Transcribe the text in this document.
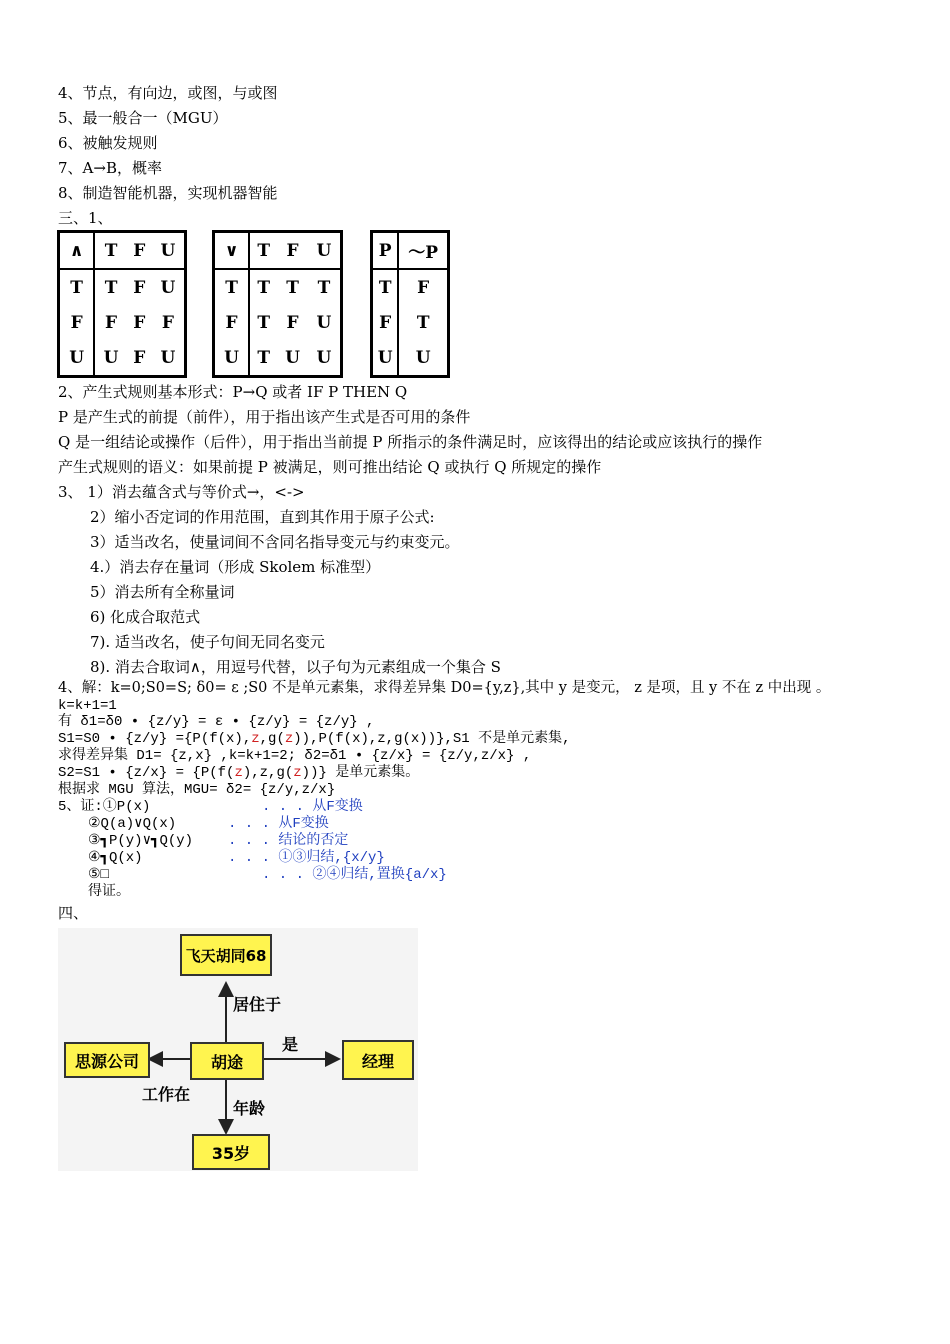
4、节点，有向边，或图，与或图
5、最一般合一（MGU）
6、被触发规则
7、A→B，概率
8、制造智能机器，实现机器智能
三、1、
∧	T	F	U
T	T	F	U
F	F	F	F
U	U	F	U
∨	T	F	U
T	T	T	T
F	T	F	U
U	T	U	U
P	～P
T	F
F	T
U	U
2、产生式规则基本形式：P→Q 或者 IF P THEN Q
P 是产生式的前提（前件），用于指出该产生式是否可用的条件
Q 是一组结论或操作（后件），用于指出当前提 P 所指示的条件满足时，应该得出的结论或应该执行的操作
产生式规则的语义：如果前提 P 被满足，则可推出结论 Q 或执行 Q 所规定的操作
3、 1）消去蕴含式与等价式→，<->
2）缩小否定词的作用范围，直到其作用于原子公式:
3）适当改名，使量词间不含同名指导变元与约束变元。
4.）消去存在量词（形成 Skolem 标准型）
5）消去所有全称量词
6) 化成合取范式
7). 适当改名，使子句间无同名变元
8). 消去合取词∧，用逗号代替，以子句为元素组成一个集合 S
4、解：k=0;S0=S; δ0= ε ;S0 不是单元素集，求得差异集 D0={y,z},其中 y 是变元， z 是项，且 y 不在 z 中出现 。
k=k+1=1
有 δ1=δ0 • {z/y} = ε • {z/y} = {z/y} ,
S1=S0 • {z/y} ={P(f(x),z,g(z)),P(f(x),z,g(x))},S1 不是单元素集,
求得差异集 D1= {z,x} ,k=k+1=2; δ2=δ1 • {z/x} = {z/y,z/x} ,
S2=S1 • {z/x} = {P(f(z),z,g(z))} 是单元素集。
根据求 MGU 算法，MGU= δ2= {z/y,z/x}
5、证:①P(x)	. . . 从F变换
②Q(a)∨Q(x)	. . . 从F变换
③┓P(y)∨┓Q(y) . . . 结论的否定
④┓Q(x)	. . . ①③归结,{x/y}
⑤□	. . . ②④归结,置换{a/x}
得证。
四、
飞天胡同68
思源公司	胡途	经理
35岁
居住于
工作在
是
年龄
